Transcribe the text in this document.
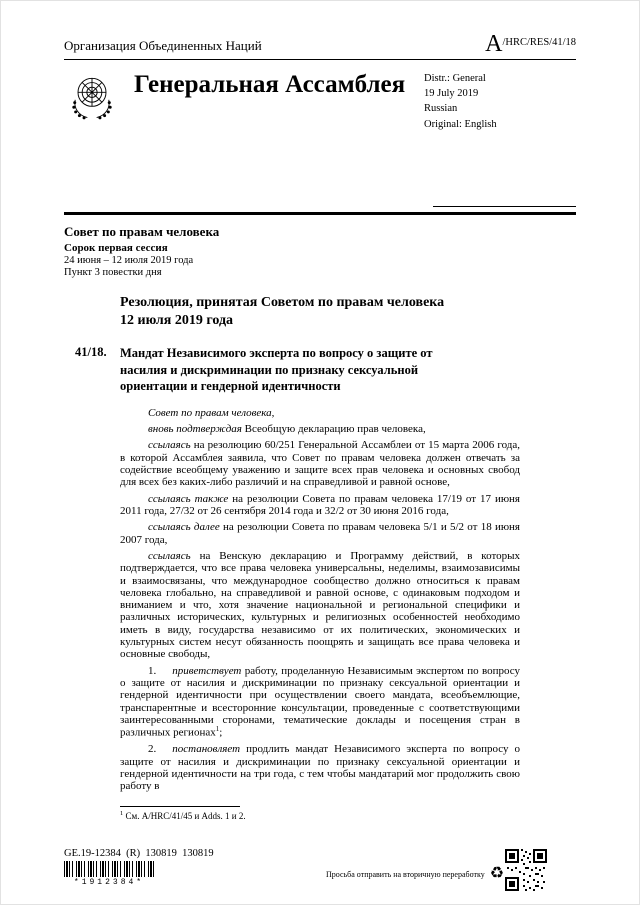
Организация Объединенных Наций	A /HRC/RES/41/18
Генеральная Ассамблея Distr.: General
19 July 2019
Russian
Original: English
Совет по правам человека
Сорок первая сессия
24 июня – 12 июля 2019 года
Пункт 3 повестки дня
Резолюция, принятая Советом по правам человека
12 июля 2019 года
41/18.	Мандат Независимого эксперта по вопросу о защите от насилия и дискриминации по признаку сексуальной ориентации и гендерной идентичности

Совет по правам человека,

вновь подтверждая Всеобщую декларацию прав человека,

ссылаясь на резолюцию 60/251 Генеральной Ассамблеи от 15 марта 2006 года, в которой Ассамблея заявила, что Совет по правам человека должен отвечать за содействие всеобщему уважению и защите всех прав человека и основных свобод для всех без каких-либо различий и на справедливой и равной основе,

ссылаясь также на резолюции Совета по правам человека 17/19 от 17 июня 2011 года, 27/32 от 26 сентября 2014 года и 32/2 от 30 июня 2016 года,

ссылаясь далее на резолюции Совета по правам человека 5/1 и 5/2 от 18 июня 2007 года,

ссылаясь на Венскую декларацию и Программу действий, в которых подтверждается, что все права человека универсальны, неделимы, взаимозависимы и взаимосвязаны, что международное сообщество должно относиться к правам человека глобально, на справедливой и равной основе, с одинаковым подходом и вниманием и что, хотя значение национальной и региональной специфики и различных исторических, культурных и религиозных особенностей необходимо иметь в виду, государства независимо от их политических, экономических и культурных систем несут обязанность поощрять и защищать все права человека и основные свободы,

1. приветствует работу, проделанную Независимым экспертом по вопросу о защите от насилия и дискриминации по признаку сексуальной ориентации и гендерной идентичности при осуществлении своего мандата, всеобъемлющие, транспарентные и всесторонние консультации, проведенные с соответствующими заинтересованными сторонами, тематические доклады и посещения стран в различных регионах$^1$;

2. постановляет продлить мандат Независимого эксперта по вопросу о защите от насилия и дискриминации по признаку сексуальной ориентации и гендерной идентичности на три года, с тем чтобы мандатарий мог продолжить свою работу в

$^1$ См. A/HRC/41/45 и Adds. 1 и 2.
GE.19-12384  (R)  130819  130819
*1912384*
Просьба отправить на вторичную переработку ♻
